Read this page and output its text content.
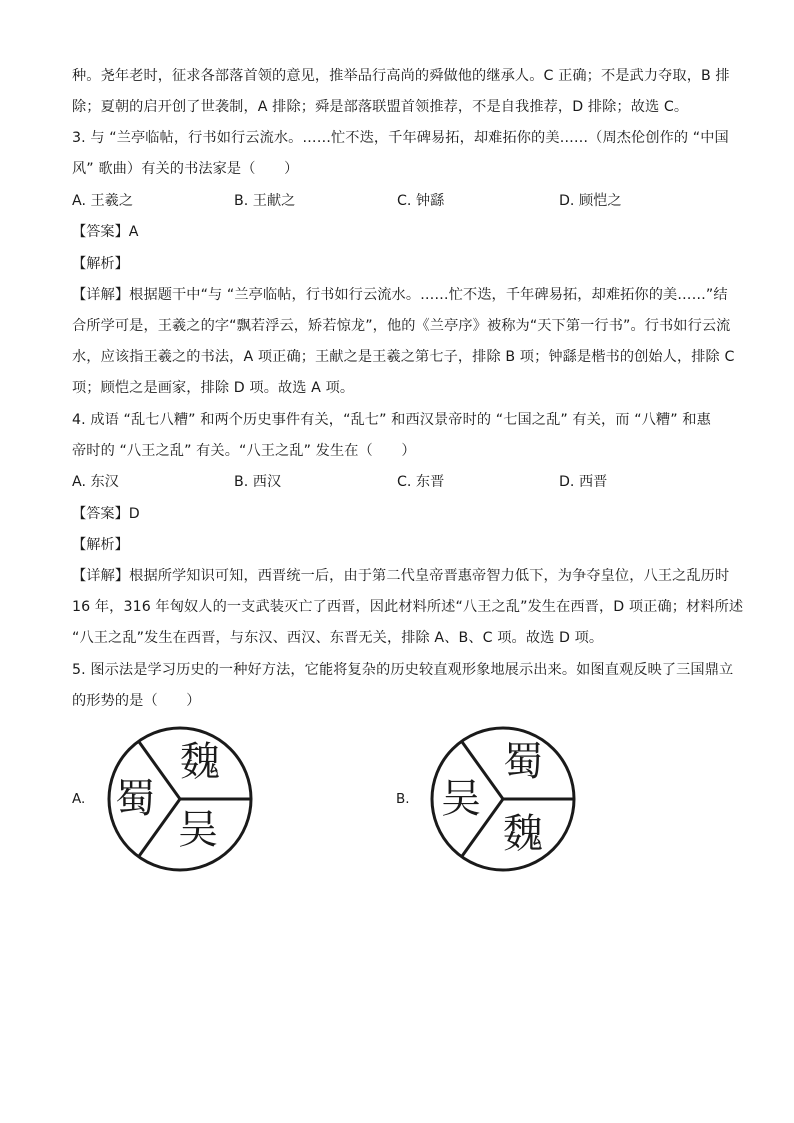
种。尧年老时，征求各部落首领的意见，推举品行高尚的舜做他的继承人。C 正确；不是武力夺取，B 排
除；夏朝的启开创了世袭制，A 排除；舜是部落联盟首领推荐，不是自我推荐，D 排除；故选 C。
3. 与 “兰亭临帖，行书如行云流水。……忙不迭，千年碑易拓，却难拓你的美……（周杰伦创作的 “中国
风” 歌曲）有关的书法家是（　　）
A. 王羲之	B. 王献之	C. 钟繇	D. 顾恺之
【答案】A
【解析】
【详解】根据题干中“与 “兰亭临帖，行书如行云流水。……忙不迭，千年碑易拓，却难拓你的美……”结
合所学可是，王羲之的字“飘若浮云，矫若惊龙”，他的《兰亭序》被称为“天下第一行书”。行书如行云流
水，应该指王羲之的书法，A 项正确；王献之是王羲之第七子，排除 B 项；钟繇是楷书的创始人，排除 C
项；顾恺之是画家，排除 D 项。故选 A 项。
4. 成语 “乱七八糟” 和两个历史事件有关，“乱七” 和西汉景帝时的 “七国之乱” 有关，而 “八糟” 和惠
帝时的 “八王之乱” 有关。“八王之乱” 发生在（　　）
A. 东汉	B. 西汉	C. 东晋	D. 西晋
【答案】D
【解析】
【详解】根据所学知识可知，西晋统一后，由于第二代皇帝晋惠帝智力低下，为争夺皇位，八王之乱历时
16 年，316 年匈奴人的一支武装灭亡了西晋，因此材料所述“八王之乱”发生在西晋，D 项正确；材料所述
“八王之乱”发生在西晋，与东汉、西汉、东晋无关，排除 A、B、C 项。故选 D 项。
5. 图示法是学习历史的一种好方法，它能将复杂的历史较直观形象地展示出来。如图直观反映了三国鼎立
的形势的是（　　）
A.
魏
蜀
吴
B.
蜀
吴
魏
